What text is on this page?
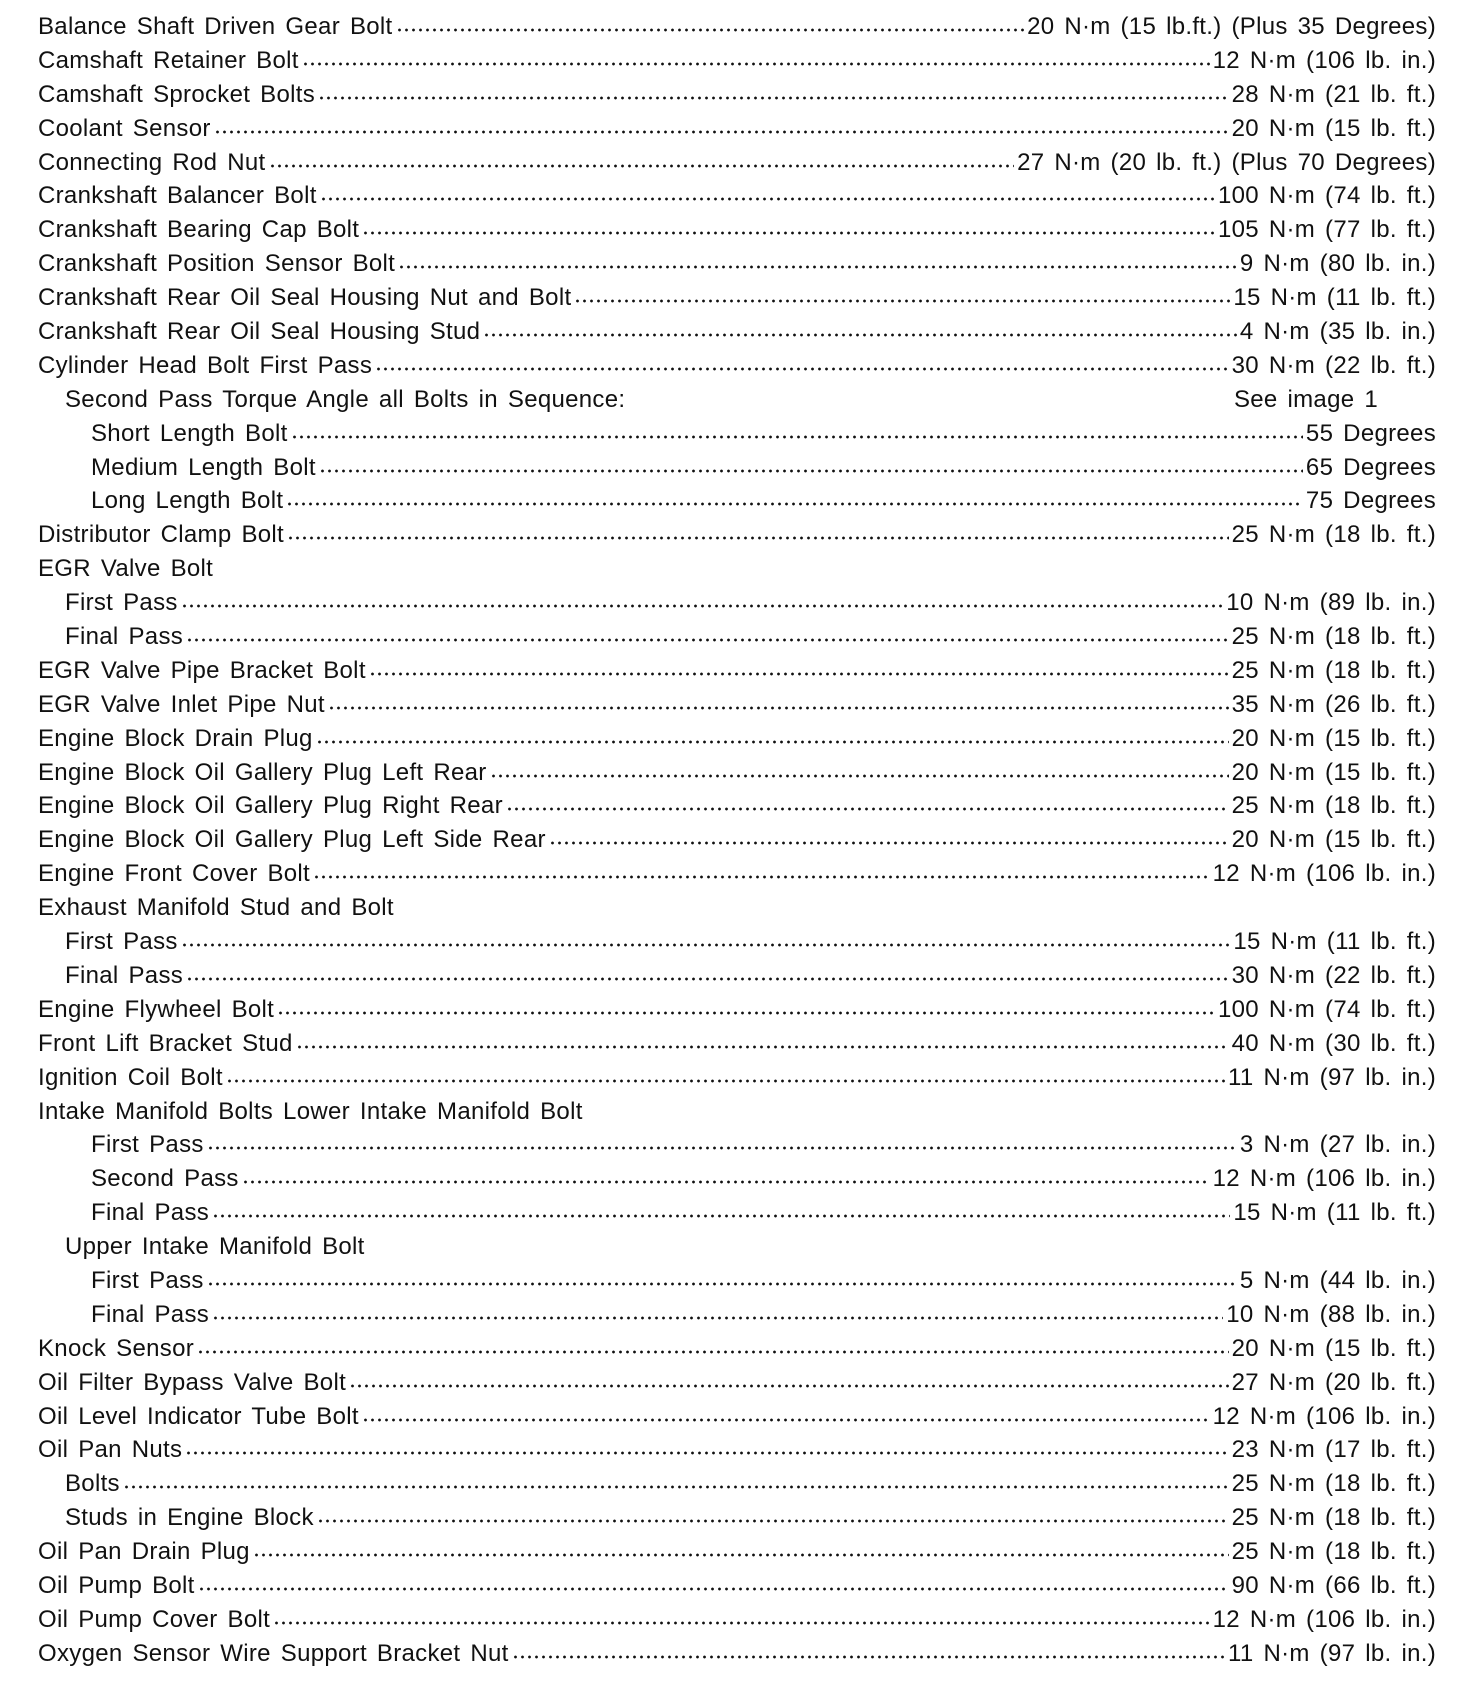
Balance Shaft Driven Gear Bolt	20 N·m (15 lb.ft.) (Plus 35 Degrees)
Camshaft Retainer Bolt	12 N·m (106 lb. in.)
Camshaft Sprocket Bolts	28 N·m (21 lb. ft.)
Coolant Sensor	20 N·m (15 lb. ft.)
Connecting Rod Nut	27 N·m (20 lb. ft.) (Plus 70 Degrees)
Crankshaft Balancer Bolt	100 N·m (74 lb. ft.)
Crankshaft Bearing Cap Bolt	105 N·m (77 lb. ft.)
Crankshaft Position Sensor Bolt	9 N·m (80 lb. in.)
Crankshaft Rear Oil Seal Housing Nut and Bolt	15 N·m (11 lb. ft.)
Crankshaft Rear Oil Seal Housing Stud	4 N·m (35 lb. in.)
Cylinder Head Bolt First Pass	30 N·m (22 lb. ft.)
Second Pass Torque Angle all Bolts in Sequence:	See image 1
Short Length Bolt	55 Degrees
Medium Length Bolt	65 Degrees
Long Length Bolt	75 Degrees
Distributor Clamp Bolt	25 N·m (18 lb. ft.)
EGR Valve Bolt
First Pass	10 N·m (89 lb. in.)
Final Pass	25 N·m (18 lb. ft.)
EGR Valve Pipe Bracket Bolt	25 N·m (18 lb. ft.)
EGR Valve Inlet Pipe Nut	35 N·m (26 lb. ft.)
Engine Block Drain Plug	20 N·m (15 lb. ft.)
Engine Block Oil Gallery Plug Left Rear	20 N·m (15 lb. ft.)
Engine Block Oil Gallery Plug Right Rear	25 N·m (18 lb. ft.)
Engine Block Oil Gallery Plug Left Side Rear	20 N·m (15 lb. ft.)
Engine Front Cover Bolt	12 N·m (106 lb. in.)
Exhaust Manifold Stud and Bolt
First Pass	15 N·m (11 lb. ft.)
Final Pass	30 N·m (22 lb. ft.)
Engine Flywheel Bolt	100 N·m (74 lb. ft.)
Front Lift Bracket Stud	40 N·m (30 lb. ft.)
Ignition Coil Bolt	11 N·m (97 lb. in.)
Intake Manifold Bolts Lower Intake Manifold Bolt
First Pass	3 N·m (27 lb. in.)
Second Pass	12 N·m (106 lb. in.)
Final Pass	15 N·m (11 lb. ft.)
Upper Intake Manifold Bolt
First Pass	5 N·m (44 lb. in.)
Final Pass	10 N·m (88 lb. in.)
Knock Sensor	20 N·m (15 lb. ft.)
Oil Filter Bypass Valve Bolt	27 N·m (20 lb. ft.)
Oil Level Indicator Tube Bolt	12 N·m (106 lb. in.)
Oil Pan Nuts	23 N·m (17 lb. ft.)
Bolts	25 N·m (18 lb. ft.)
Studs in Engine Block	25 N·m (18 lb. ft.)
Oil Pan Drain Plug	25 N·m (18 lb. ft.)
Oil Pump Bolt	90 N·m (66 lb. ft.)
Oil Pump Cover Bolt	12 N·m (106 lb. in.)
Oxygen Sensor Wire Support Bracket Nut	11 N·m (97 lb. in.)
